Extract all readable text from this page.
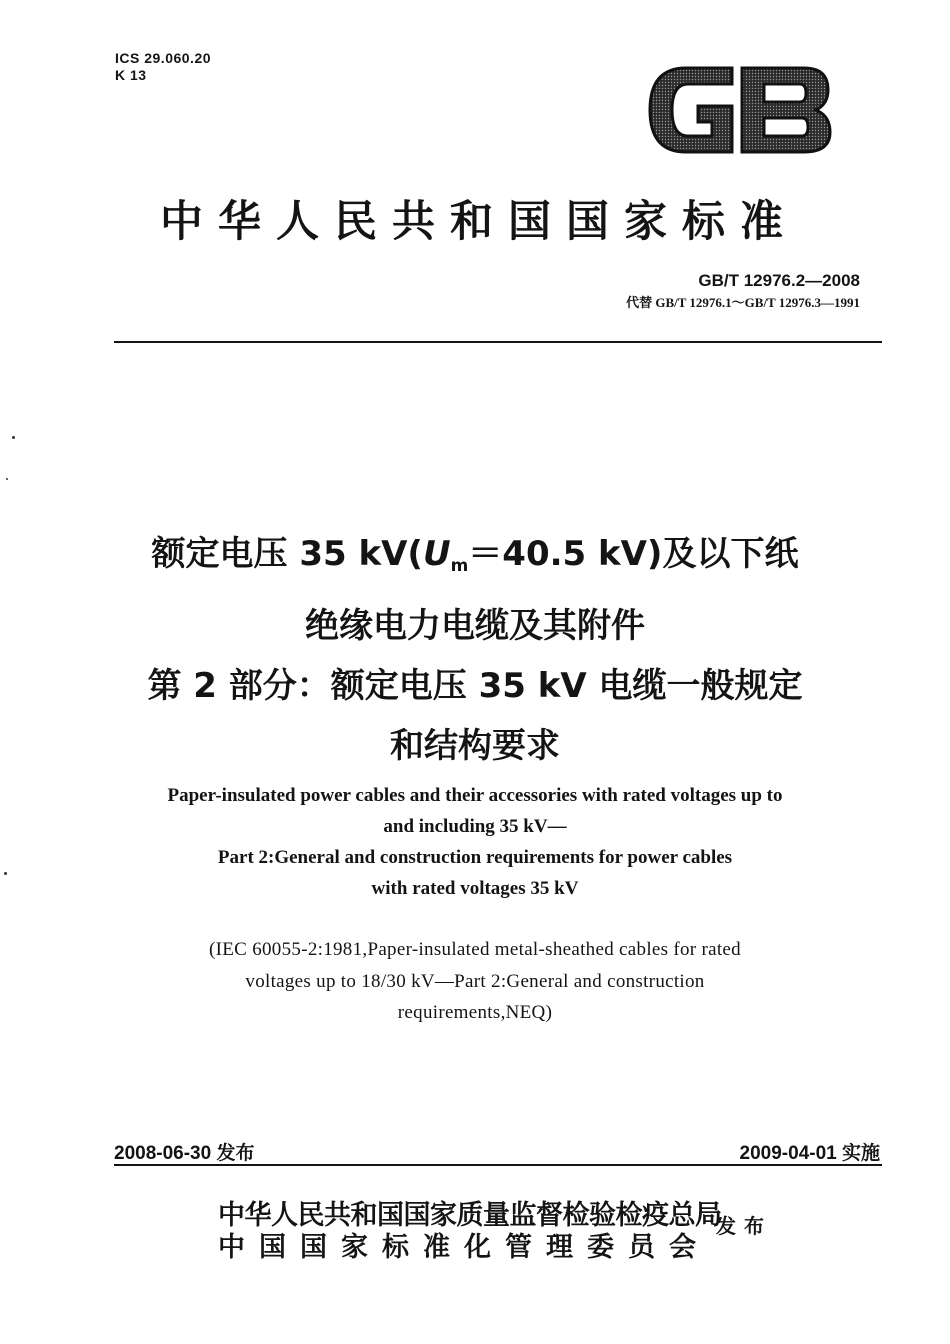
ICS 29.060.20
K 13
中华人民共和国国家标准
GB/T 12976.2—2008
代替 GB/T 12976.1～GB/T 12976.3—1991
额定电压 35 kV(Um＝40.5 kV)及以下纸
绝缘电力电缆及其附件
第 2 部分：额定电压 35 kV 电缆一般规定
和结构要求
Paper-insulated power cables and their accessories with rated voltages up to
and including 35 kV—
Part 2:General and construction requirements for power cables
with rated voltages 35 kV
(IEC 60055-2:1981,Paper-insulated metal-sheathed cables for rated
voltages up to 18/30 kV—Part 2:General and construction
requirements,NEQ)
2008-06-30 发布	2009-04-01 实施
中华人民共和国国家质量监督检验检疫总局
中 国 国 家 标 准 化 管 理 委 员 会
发布
